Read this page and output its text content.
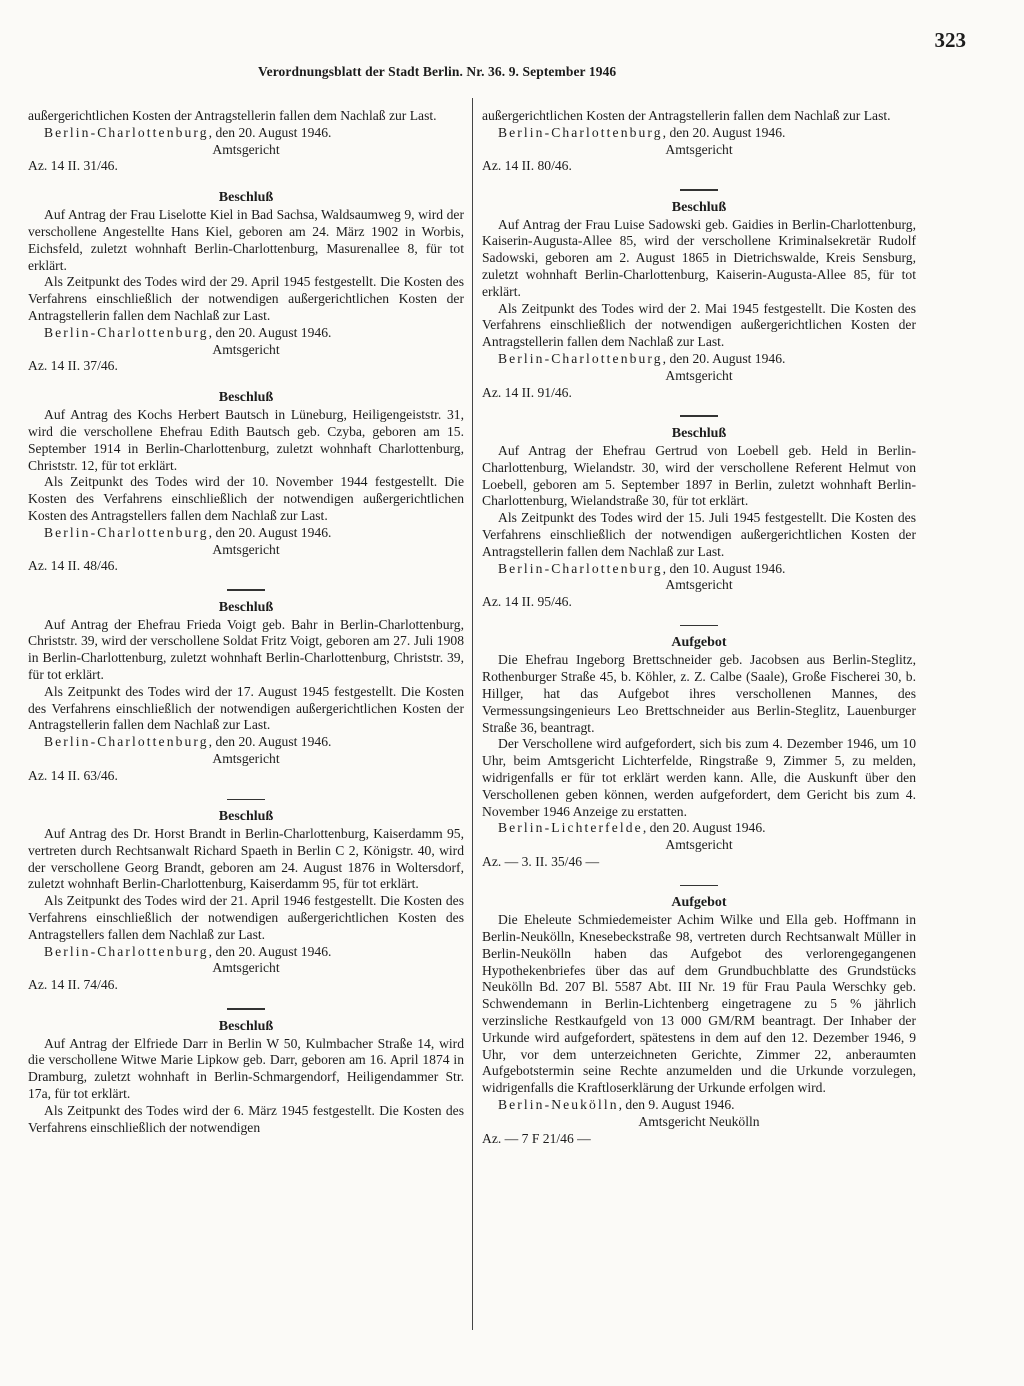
Verordnungsblatt der Stadt Berlin. Nr. 36. 9. September 1946
323

außergerichtlichen Kosten der Antragstellerin fallen dem Nachlaß zur Last.

Berlin-Charlottenburg, den 20. August 1946.

Amtsgericht

Az. 14 II. 31/46.

Beschluß

Auf Antrag der Frau Liselotte Kiel in Bad Sachsa, Waldsaumweg 9, wird der verschollene Angestellte Hans Kiel, geboren am 24. März 1902 in Worbis, Eichsfeld, zuletzt wohnhaft Berlin-Charlottenburg, Masurenallee 8, für tot erklärt.

Als Zeitpunkt des Todes wird der 29. April 1945 festgestellt. Die Kosten des Verfahrens einschließlich der notwendigen außergerichtlichen Kosten der Antragstellerin fallen dem Nachlaß zur Last.

Berlin-Charlottenburg, den 20. August 1946.

Amtsgericht

Az. 14 II. 37/46.

Beschluß

Auf Antrag des Kochs Herbert Bautsch in Lüneburg, Heiligengeiststr. 31, wird die verschollene Ehefrau Edith Bautsch geb. Czyba, geboren am 15. September 1914 in Berlin-Charlottenburg, zuletzt wohnhaft Charlottenburg, Christstr. 12, für tot erklärt.

Als Zeitpunkt des Todes wird der 10. November 1944 festgestellt. Die Kosten des Verfahrens einschließlich der notwendigen außergerichtlichen Kosten des Antragstellers fallen dem Nachlaß zur Last.

Berlin-Charlottenburg, den 20. August 1946.

Amtsgericht

Az. 14 II. 48/46.

Beschluß

Auf Antrag der Ehefrau Frieda Voigt geb. Bahr in Berlin-Charlottenburg, Christstr. 39, wird der verschollene Soldat Fritz Voigt, geboren am 27. Juli 1908 in Berlin-Charlottenburg, zuletzt wohnhaft Berlin-Charlottenburg, Christstr. 39, für tot erklärt.

Als Zeitpunkt des Todes wird der 17. August 1945 festgestellt. Die Kosten des Verfahrens einschließlich der notwendigen außergerichtlichen Kosten der Antragstellerin fallen dem Nachlaß zur Last.

Berlin-Charlottenburg, den 20. August 1946.

Amtsgericht

Az. 14 II. 63/46.

Beschluß

Auf Antrag des Dr. Horst Brandt in Berlin-Charlottenburg, Kaiserdamm 95, vertreten durch Rechtsanwalt Richard Spaeth in Berlin C 2, Königstr. 40, wird der verschollene Georg Brandt, geboren am 24. August 1876 in Woltersdorf, zuletzt wohnhaft Berlin-Charlottenburg, Kaiserdamm 95, für tot erklärt.

Als Zeitpunkt des Todes wird der 21. April 1946 festgestellt. Die Kosten des Verfahrens einschließlich der notwendigen außergerichtlichen Kosten des Antragstellers fallen dem Nachlaß zur Last.

Berlin-Charlottenburg, den 20. August 1946.

Amtsgericht

Az. 14 II. 74/46.

Beschluß

Auf Antrag der Elfriede Darr in Berlin W 50, Kulmbacher Straße 14, wird die verschollene Witwe Marie Lipkow geb. Darr, geboren am 16. April 1874 in Dramburg, zuletzt wohnhaft in Berlin-Schmargendorf, Heiligendammer Str. 17a, für tot erklärt.

Als Zeitpunkt des Todes wird der 6. März 1945 festgestellt. Die Kosten des Verfahrens einschließlich der notwendigen

außergerichtlichen Kosten der Antragstellerin fallen dem Nachlaß zur Last.

Berlin-Charlottenburg, den 20. August 1946.

Amtsgericht

Az. 14 II. 80/46.

Beschluß

Auf Antrag der Frau Luise Sadowski geb. Gaidies in Berlin-Charlottenburg, Kaiserin-Augusta-Allee 85, wird der verschollene Kriminalsekretär Rudolf Sadowski, geboren am 2. August 1865 in Dietrichswalde, Kreis Sensburg, zuletzt wohnhaft Berlin-Charlottenburg, Kaiserin-Augusta-Allee 85, für tot erklärt.

Als Zeitpunkt des Todes wird der 2. Mai 1945 festgestellt. Die Kosten des Verfahrens einschließlich der notwendigen außergerichtlichen Kosten der Antragstellerin fallen dem Nachlaß zur Last.

Berlin-Charlottenburg, den 20. August 1946.

Amtsgericht

Az. 14 II. 91/46.

Beschluß

Auf Antrag der Ehefrau Gertrud von Loebell geb. Held in Berlin-Charlottenburg, Wielandstr. 30, wird der verschollene Referent Helmut von Loebell, geboren am 5. September 1897 in Berlin, zuletzt wohnhaft Berlin-Charlottenburg, Wielandstraße 30, für tot erklärt.

Als Zeitpunkt des Todes wird der 15. Juli 1945 festgestellt. Die Kosten des Verfahrens einschließlich der notwendigen außergerichtlichen Kosten der Antragstellerin fallen dem Nachlaß zur Last.

Berlin-Charlottenburg, den 10. August 1946.

Amtsgericht

Az. 14 II. 95/46.

Aufgebot

Die Ehefrau Ingeborg Brettschneider geb. Jacobsen aus Berlin-Steglitz, Rothenburger Straße 45, b. Köhler, z. Z. Calbe (Saale), Große Fischerei 30, b. Hillger, hat das Aufgebot ihres verschollenen Mannes, des Vermessungsingenieurs Leo Brettschneider aus Berlin-Steglitz, Lauenburger Straße 36, beantragt.

Der Verschollene wird aufgefordert, sich bis zum 4. Dezember 1946, um 10 Uhr, beim Amtsgericht Lichterfelde, Ringstraße 9, Zimmer 5, zu melden, widrigenfalls er für tot erklärt werden kann. Alle, die Auskunft über den Verschollenen geben können, werden aufgefordert, dem Gericht bis zum 4. November 1946 Anzeige zu erstatten.

Berlin-Lichterfelde, den 20. August 1946.

Amtsgericht

Az. — 3. II. 35/46 —

Aufgebot

Die Eheleute Schmiedemeister Achim Wilke und Ella geb. Hoffmann in Berlin-Neukölln, Knesebeckstraße 98, vertreten durch Rechtsanwalt Müller in Berlin-Neukölln haben das Aufgebot des verlorengegangenen Hypothekenbriefes über das auf dem Grundbuchblatte des Grundstücks Neukölln Bd. 207 Bl. 5587 Abt. III Nr. 19 für Frau Paula Werschky geb. Schwendemann in Berlin-Lichtenberg eingetragene zu 5 % jährlich verzinsliche Restkaufgeld von 13 000 GM/RM beantragt. Der Inhaber der Urkunde wird aufgefordert, spätestens in dem auf den 12. Dezember 1946, 9 Uhr, vor dem unterzeichneten Gerichte, Zimmer 22, anberaumten Aufgebotstermin seine Rechte anzumelden und die Urkunde vorzulegen, widrigenfalls die Kraftloserklärung der Urkunde erfolgen wird.

Berlin-Neukölln, den 9. August 1946.

Amtsgericht Neukölln

Az. — 7 F 21/46 —
